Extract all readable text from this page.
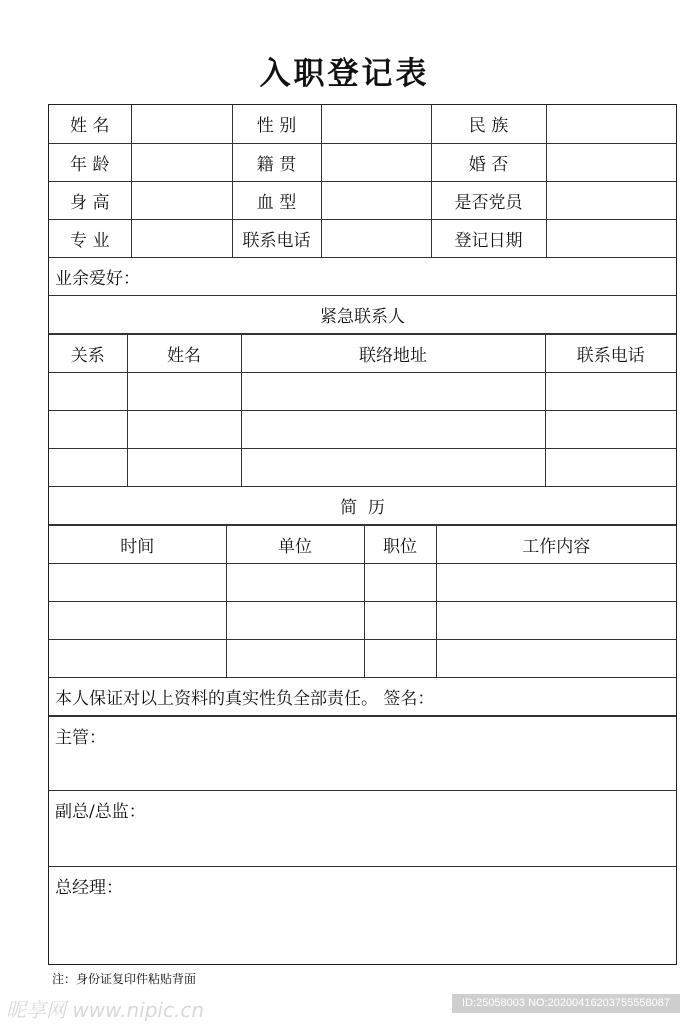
入职登记表
姓 名		性 别		民 族	
年 龄		籍 贯		婚 否	
身 高		血 型		是否党员	
专 业		联系电话		登记日期	
业余爱好：					
紧急联系人					
关系	姓名	联络地址	联系电话

简  历			
时间	单位	职位	工作内容

本人保证对以上资料的真实性负全部责任。 签名：			
主管：
副总/总监：
总经理：
注：身份证复印件粘贴背面
昵享网 www.nipic.cn	ID:25058003 NO:20200416203755558087
